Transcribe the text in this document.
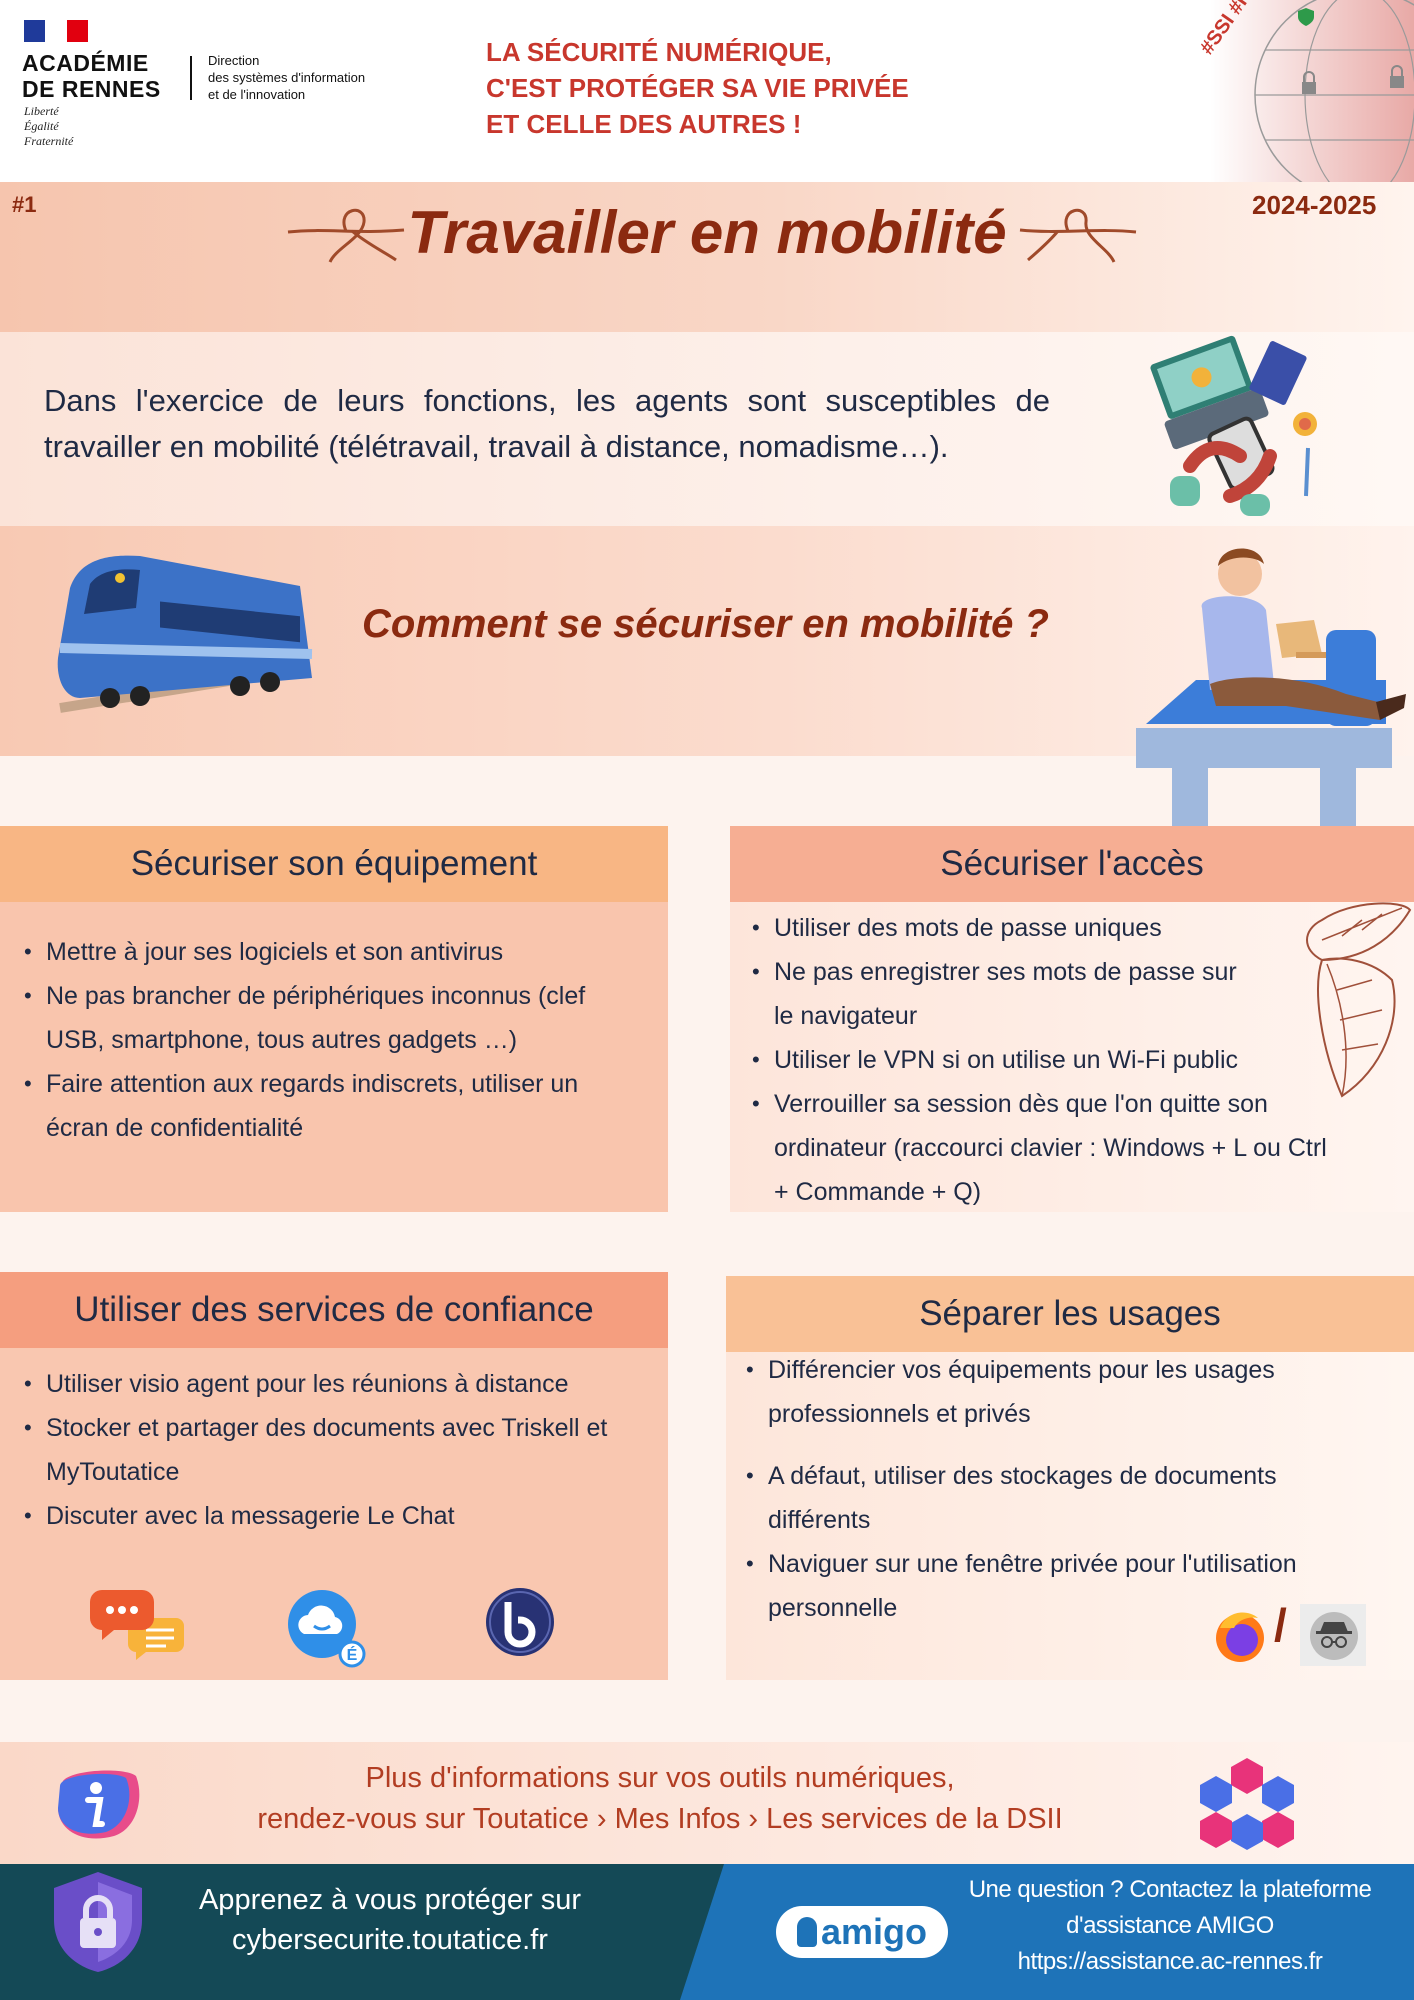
ACADÉMIE
DE RENNES
Liberté
Égalité
Fraternité
Direction
des systèmes d'information
et de l'innovation
LA SÉCURITÉ NUMÉRIQUE,
C'EST PROTÉGER SA VIE PRIVÉE
ET CELLE DES AUTRES !
#SSI
#1	2024-2025
Travailler en mobilité
Dans l'exercice de leurs fonctions, les agents sont susceptibles de travailler en mobilité (télétravail, travail à distance, nomadisme…).
Comment se sécuriser en mobilité ?
Sécuriser son équipement
• Mettre à jour ses logiciels et son antivirus
• Ne pas brancher de périphériques inconnus (clef USB, smartphone, tous autres gadgets …)
• Faire attention aux regards indiscrets, utiliser un écran de confidentialité
Sécuriser l'accès
• Utiliser des mots de passe uniques
• Ne pas enregistrer ses mots de passe sur le navigateur
• Utiliser le VPN si on utilise un Wi-Fi public
• Verrouiller sa session dès que l'on quitte son ordinateur (raccourci clavier : Windows + L ou Ctrl + Commande + Q)
Utiliser des services de confiance
• Utiliser visio agent pour les réunions à distance
• Stocker et partager des documents avec Triskell et MyToutatice
• Discuter avec la messagerie Le Chat
É
Séparer les usages
• Différencier vos équipements pour les usages professionnels et privés
• A défaut, utiliser des stockages de documents différents
• Naviguer sur une fenêtre privée pour l'utilisation personnelle	/
Plus d'informations sur vos outils numériques,
rendez-vous sur Toutatice › Mes Infos › Les services de la DSII
Apprenez à vous protéger sur
cybersecurite.toutatice.fr	amigo
Une question ? Contactez la plateforme
d'assistance AMIGO
https://assistance.ac-rennes.fr
